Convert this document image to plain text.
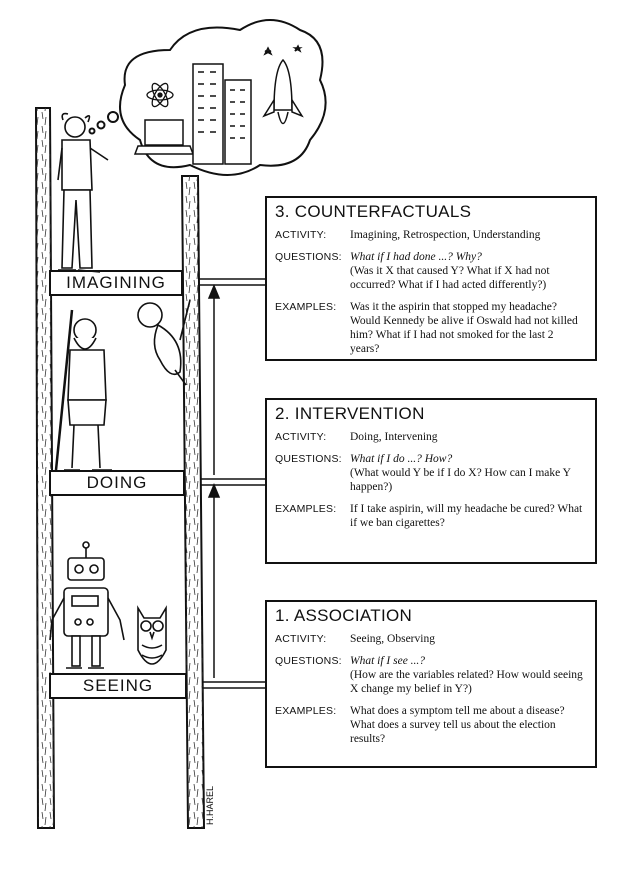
H.HAREL
IMAGINING
DOING
SEEING
3. COUNTERFACTUALS
ACTIVITY:	Imagining, Retrospection, Understanding
QUESTIONS: What if I had done ...? Why?
(Was it X that caused Y? What if X had not occurred? What if I had acted differently?)
EXAMPLES:	Was it the aspirin that stopped my headache? Would Kennedy be alive if Oswald had not killed him? What if I had not smoked for the last 2 years?
2. INTERVENTION
ACTIVITY:	Doing, Intervening
QUESTIONS: What if I do ...? How?
(What would Y be if I do X? How can I make Y happen?)
EXAMPLES:	If I take aspirin, will my headache be cured? What if we ban cigarettes?
1. ASSOCIATION
ACTIVITY:	Seeing, Observing
QUESTIONS: What if I see ...?
(How are the variables related? How would seeing X change my belief in Y?)
EXAMPLES:	What does a symptom tell me about a disease? What does a survey tell us about the election results?
